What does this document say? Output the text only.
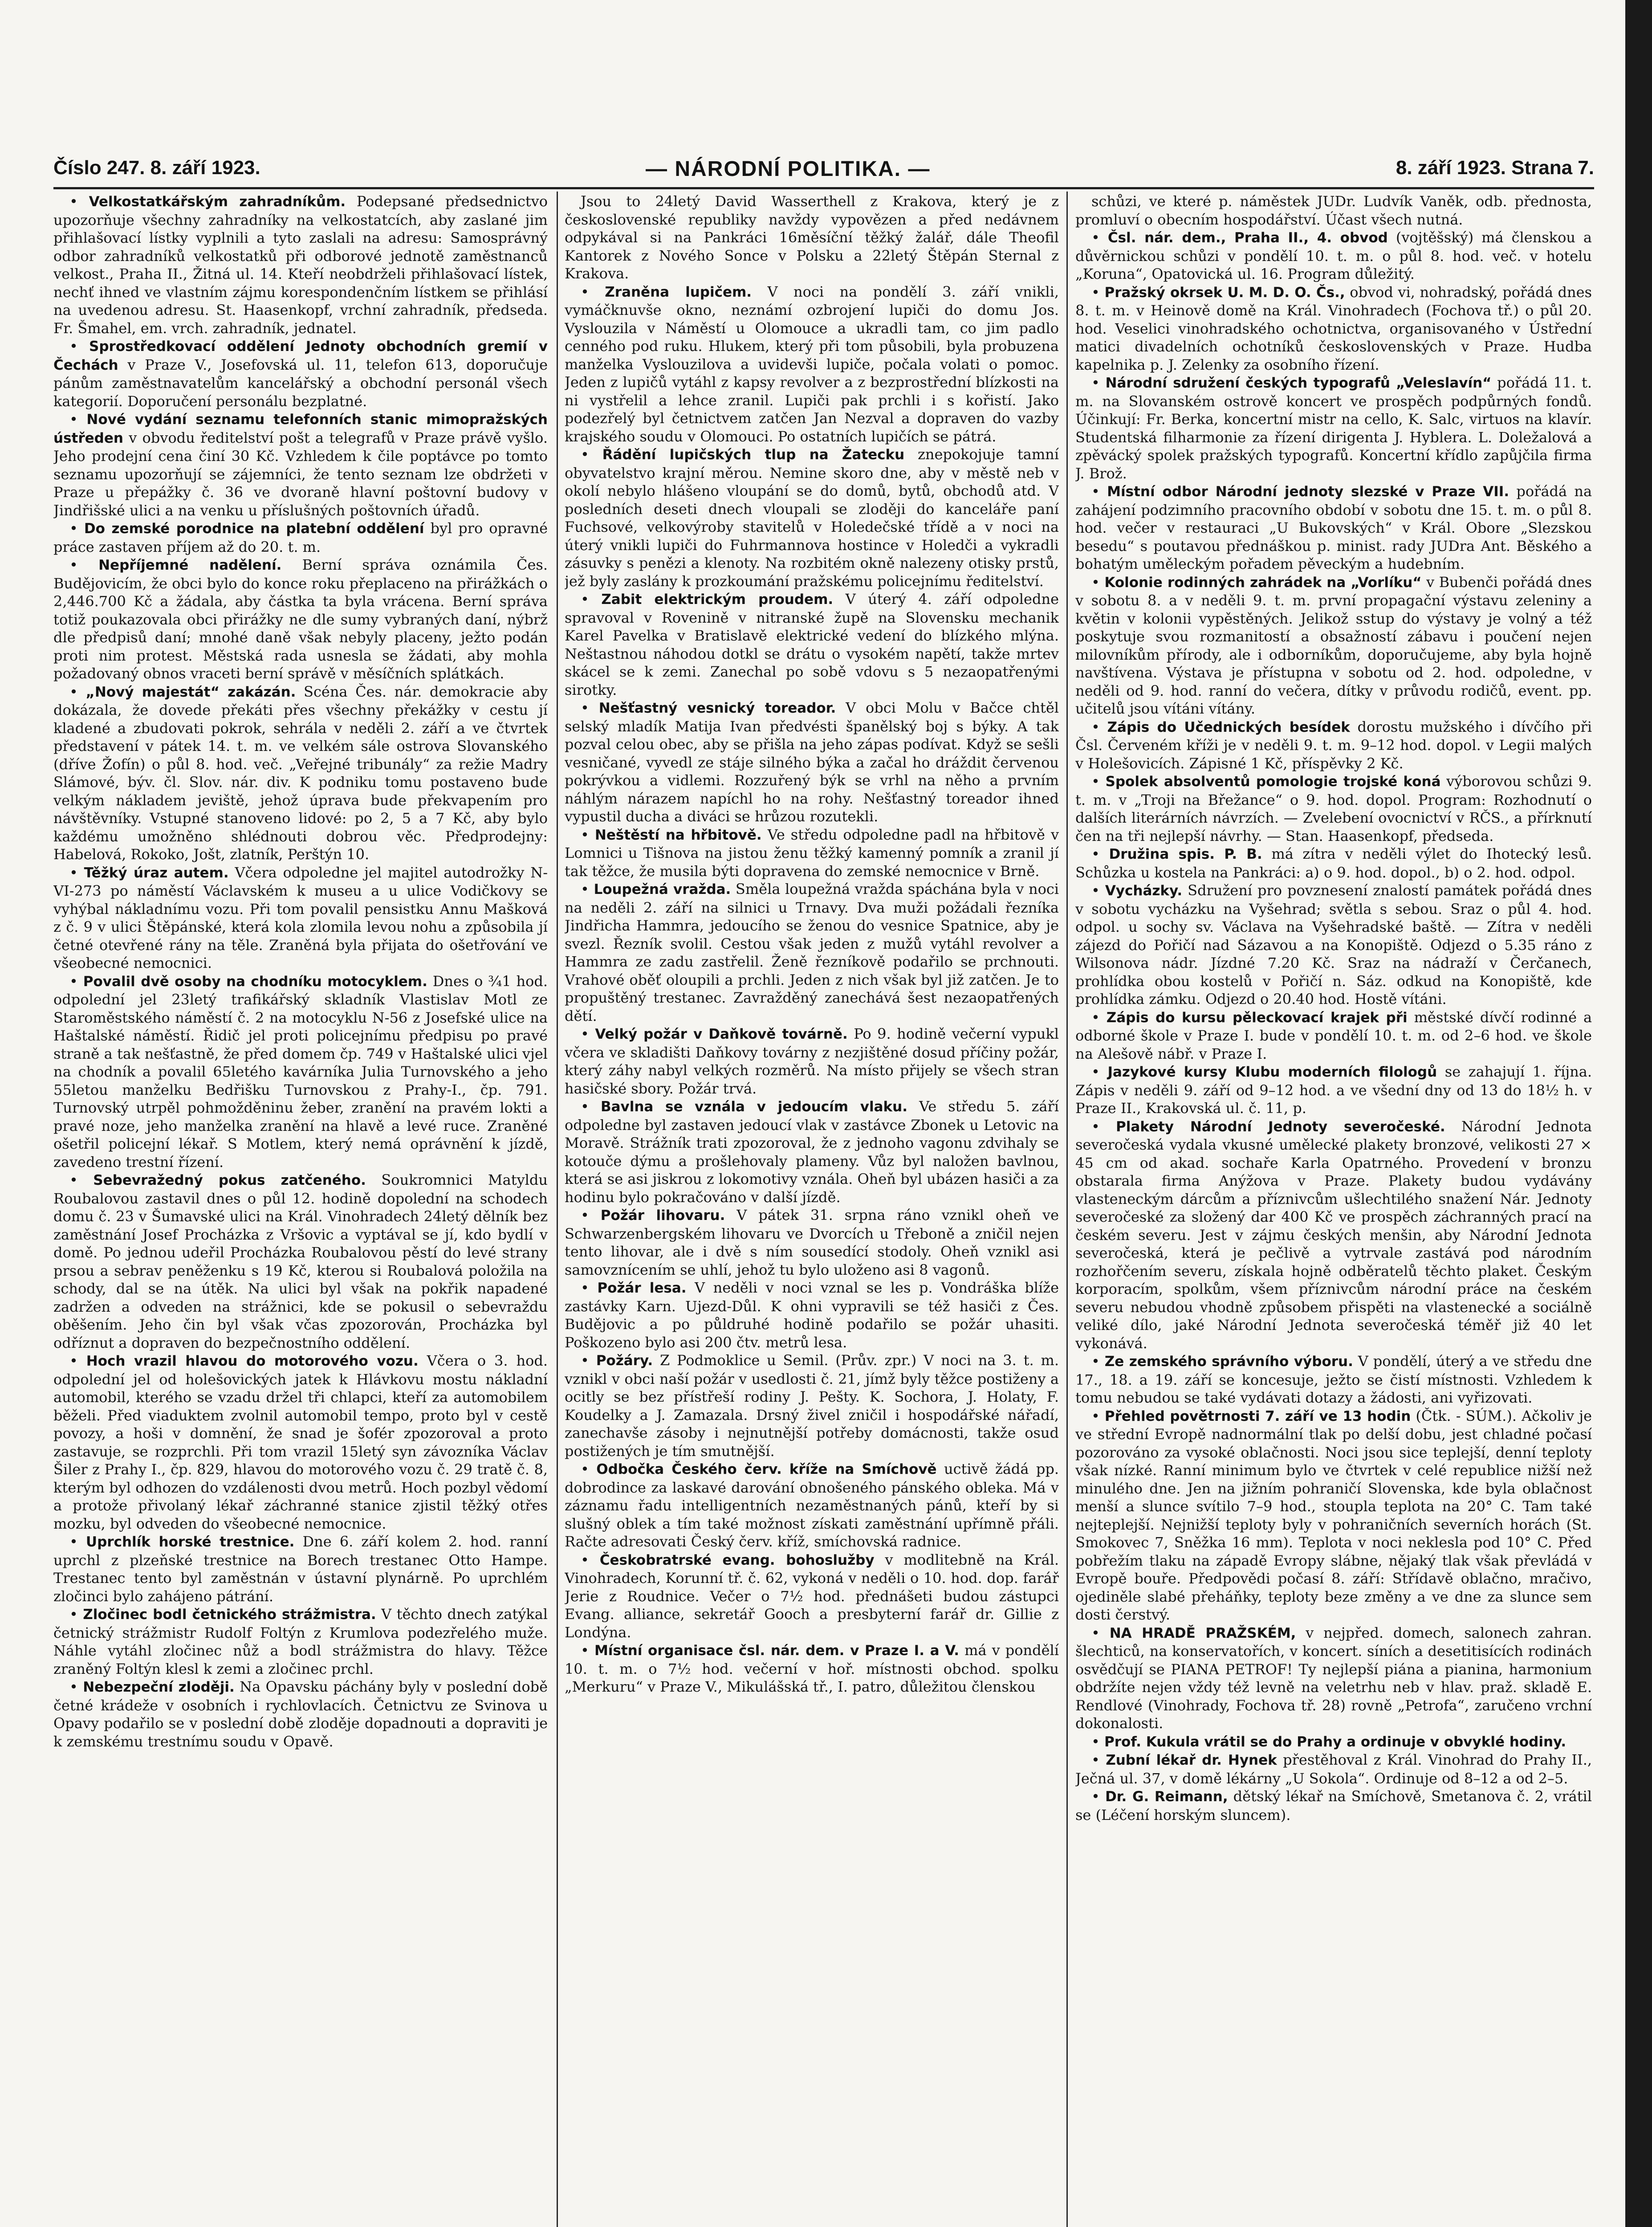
Číslo 247. 8. září 1923.	— NÁRODNÍ POLITIKA. —	8. září 1923. Strana 7.

• Velkostatkářským zahradníkům. Podepsané předsednictvo upozorňuje všechny zahradníky na velkostatcích, aby zaslané jim přihlašovací lístky vyplnili a tyto zaslali na adresu: Samosprávný odbor zahradníků velkostatků při odborové jednotě zaměstnanců velkost., Praha II., Žitná ul. 14. Kteří neobdrželi přihlašovací lístek, nechť ihned ve vlastním zájmu korespondenčním lístkem se přihlásí na uvedenou adresu. St. Haasenkopf, vrchní zahradník, předseda. Fr. Šmahel, em. vrch. zahradník, jednatel.

• Sprostředkovací oddělení Jednoty obchodních gremií v Čechách v Praze V., Josefovská ul. 11, telefon 613, doporučuje pánům zaměstnavatelům kancelářský a obchodní personál všech kategorií. Doporučení personálu bezplatné.

• Nové vydání seznamu telefonních stanic mimopražských ústředen v obvodu ředitelství pošt a telegrafů v Praze právě vyšlo. Jeho prodejní cena činí 30 Kč. Vzhledem k čile poptávce po tomto seznamu upozorňují se zájemníci, že tento seznam lze obdržeti v Praze u přepážky č. 36 ve dvoraně hlavní poštovní budovy v Jindřišské ulici a na venku u příslušných poštovních úřadů.

• Do zemské porodnice na platební oddělení byl pro opravné práce zastaven příjem až do 20. t. m.

• Nepříjemné nadělení. Berní správa oznámila Čes. Budějovicím, že obci bylo do konce roku přeplaceno na přirážkách o 2,446.700 Kč a žádala, aby částka ta byla vrácena. Berní správa totiž poukazovala obci přirážky ne dle sumy vybraných daní, nýbrž dle předpisů daní; mnohé daně však nebyly placeny, ježto podán proti nim protest. Městská rada usnesla se žádati, aby mohla požadovaný obnos vraceti berní správě v měsíčních splátkách.

• „Nový majestát“ zakázán. Scéna Čes. nár. demokracie aby dokázala, že dovede překáti přes všechny překážky v cestu jí kladené a zbudovati pokrok, sehrála v neděli 2. září a ve čtvrtek představení v pátek 14. t. m. ve velkém sále ostrova Slovanského (dříve Žofín) o půl 8. hod. več. „Veřejné tribunály“ za režie Madry Slámové, býv. čl. Slov. nár. div. K podniku tomu postaveno bude velkým nákladem jeviště, jehož úprava bude překvapením pro návštěvníky. Vstupné stanoveno lidové: po 2, 5 a 7 Kč, aby bylo každému umožněno shlédnouti dobrou věc. Předprodejny: Habelová, Rokoko, Jošt, zlatník, Perštýn 10.

• Těžký úraz autem. Včera odpoledne jel majitel autodrožky N-VI-273 po náměstí Václavském k museu a u ulice Vodičkovy se vyhýbal nákladnímu vozu. Při tom povalil pensistku Annu Mašková z č. 9 v ulici Štěpánské, která kola zlomila levou nohu a způsobila jí četné otevřené rány na těle. Zraněná byla přijata do ošetřování ve všeobecné nemocnici.

• Povalil dvě osoby na chodníku motocyklem. Dnes o ¾1 hod. odpolední jel 23letý trafikářský skladník Vlastislav Motl ze Staroměstského náměstí č. 2 na motocyklu N-56 z Josefské ulice na Haštalské náměstí. Řidič jel proti policejnímu předpisu po pravé straně a tak nešťastně, že před domem čp. 749 v Haštalské ulici vjel na chodník a povalil 65letého kavárníka Julia Turnovského a jeho 55letou manželku Bedřišku Turnovskou z Prahy-I., čp. 791. Turnovský utrpěl pohmožděninu žeber, zranění na pravém lokti a pravé noze, jeho manželka zranění na hlavě a levé ruce. Zraněné ošetřil policejní lékař. S Motlem, který nemá oprávnění k jízdě, zavedeno trestní řízení.

• Sebevražedný pokus zatčeného. Soukromnici Matyldu Roubalovou zastavil dnes o půl 12. hodině dopolední na schodech domu č. 23 v Šumavské ulici na Král. Vinohradech 24letý dělník bez zaměstnání Josef Procházka z Vršovic a vyptával se jí, kdo bydlí v domě. Po jednou udeřil Procházka Roubalovou pěstí do levé strany prsou a sebrav peněženku s 19 Kč, kterou si Roubalová položila na schody, dal se na útěk. Na ulici byl však na pokřik napadené zadržen a odveden na strážnici, kde se pokusil o sebevraždu oběšením. Jeho čin byl však včas zpozorován, Procházka byl odříznut a dopraven do bezpečnostního oddělení.

• Hoch vrazil hlavou do motorového vozu. Včera o 3. hod. odpolední jel od holešovických jatek k Hlávkovu mostu nákladní automobil, kterého se vzadu držel tři chlapci, kteří za automobilem běželi. Před viaduktem zvolnil automobil tempo, proto byl v cestě povozy, a hoši v domnění, že snad je šofér zpozoroval a proto zastavuje, se rozprchli. Při tom vrazil 15letý syn závozníka Václav Šiler z Prahy I., čp. 829, hlavou do motorového vozu č. 29 tratě č. 8, kterým byl odhozen do vzdálenosti dvou metrů. Hoch pozbyl vědomí a protože přivolaný lékař záchranné stanice zjistil těžký otřes mozku, byl odveden do všeobecné nemocnice.

• Uprchlík horské trestnice. Dne 6. září kolem 2. hod. ranní uprchl z plzeňské trestnice na Borech trestanec Otto Hampe. Trestanec tento byl zaměstnán v ústavní plynárně. Po uprchlém zločinci bylo zahájeno pátrání.

• Zločinec bodl četnického strážmistra. V těchto dnech zatýkal četnický strážmistr Rudolf Foltýn z Krumlova podezřelého muže. Náhle vytáhl zločinec nůž a bodl strážmistra do hlavy. Těžce zraněný Foltýn klesl k zemi a zločinec prchl.

• Nebezpeční zloději. Na Opavsku páchány byly v poslední době četné krádeže v osobních i rychlovlacích. Četnictvu ze Svinova u Opavy podařilo se v poslední době zloděje dopadnouti a dopraviti je k zemskému trestnímu soudu v Opavě.

Jsou to 24letý David Wasserthell z Krakova, který je z československé republiky navždy vypovězen a před nedávnem odpykával si na Pankráci 16měsíční těžký žalář, dále Theofil Kantorek z Nového Sonce v Polsku a 22letý Štěpán Sternal z Krakova.

• Zraněna lupičem. V noci na pondělí 3. září vnikli, vymáčknuvše okno, neznámí ozbrojení lupiči do domu Jos. Vyslouzila v Náměstí u Olomouce a ukradli tam, co jim padlo cenného pod ruku. Hlukem, který při tom působili, byla probuzena manželka Vyslouzilova a uvidevši lupiče, počala volati o pomoc. Jeden z lupičů vytáhl z kapsy revolver a z bezprostřední blízkosti na ni vystřelil a lehce zranil. Lupiči pak prchli i s kořistí. Jako podezřelý byl četnictvem zatčen Jan Nezval a dopraven do vazby krajského soudu v Olomouci. Po ostatních lupičích se pátrá.

• Řádění lupičských tlup na Žatecku znepokojuje tamní obyvatelstvo krajní měrou. Nemine skoro dne, aby v městě neb v okolí nebylo hlášeno vloupání se do domů, bytů, obchodů atd. V posledních deseti dnech vloupali se zloději do kanceláře paní Fuchsové, velkovýroby stavitelů v Holedečské třídě a v noci na úterý vnikli lupiči do Fuhrmannova hostince v Holedči a vykradli zásuvky s penězi a klenoty. Na rozbitém okně nalezeny otisky prstů, jež byly zaslány k prozkoumání pražskému policejnímu ředitelství.

• Zabit elektrickým proudem. V úterý 4. září odpoledne spravoval v Rovenině v nitranské župě na Slovensku mechanik Karel Pavelka v Bratislavě elektrické vedení do blízkého mlýna. Neštastnou náhodou dotkl se drátu o vysokém napětí, takže mrtev skácel se k zemi. Zanechal po sobě vdovu s 5 nezaopatřenými sirotky.

• Nešťastný vesnický toreador. V obci Molu v Bačce chtěl selský mladík Matija Ivan předvésti španělský boj s býky. A tak pozval celou obec, aby se přišla na jeho zápas podívat. Když se sešli vesničané, vyvedl ze stáje silného býka a začal ho dráždit červenou pokrývkou a vidlemi. Rozzuřený býk se vrhl na něho a prvním náhlým nárazem napíchl ho na rohy. Nešťastný toreador ihned vypustil ducha a diváci se hrůzou rozutekli.

• Neštěstí na hřbitově. Ve středu odpoledne padl na hřbitově v Lomnici u Tišnova na jistou ženu těžký kamenný pomník a zranil jí tak těžce, že musila býti dopravena do zemské nemocnice v Brně.

• Loupežná vražda. Směla loupežná vražda spáchána byla v noci na neděli 2. září na silnici u Trnavy. Dva muži požádali řezníka Jindřicha Hammra, jedoucího se ženou do vesnice Spatnice, aby je svezl. Řezník svolil. Cestou však jeden z mužů vytáhl revolver a Hammra ze zadu zastřelil. Ženě řezníkově podařilo se prchnouti. Vrahové oběť oloupili a prchli. Jeden z nich však byl již zatčen. Je to propuštěný trestanec. Zavražděný zanechává šest nezaopatřených dětí.

• Velký požár v Daňkově továrně. Po 9. hodině večerní vypukl včera ve skladišti Daňkovy továrny z nezjištěné dosud příčiny požár, který záhy nabyl velkých rozměrů. Na místo přijely se všech stran hasičské sbory. Požár trvá.

• Bavlna se vznála v jedoucím vlaku. Ve středu 5. září odpoledne byl zastaven jedoucí vlak v zastávce Zbonek u Letovic na Moravě. Strážník trati zpozoroval, že z jednoho vagonu zdvihaly se kotouče dýmu a prošlehovaly plameny. Vůz byl naložen bavlnou, která se asi jiskrou z lokomotivy vznála. Oheň byl ubázen hasiči a za hodinu bylo pokračováno v další jízdě.

• Požár lihovaru. V pátek 31. srpna ráno vznikl oheň ve Schwarzenbergském lihovaru ve Dvorcích u Třeboně a zničil nejen tento lihovar, ale i dvě s ním sousedící stodoly. Oheň vznikl asi samovznícením se uhlí, jehož tu bylo uloženo asi 8 vagonů.

• Požár lesa. V neděli v noci vznal se les p. Vondráška blíže zastávky Karn. Ujezd-Důl. K ohni vypravili se též hasiči z Čes. Budějovic a po půldruhé hodině podařilo se požár uhasiti. Poškozeno bylo asi 200 čtv. metrů lesa.

• Požáry. Z Podmoklice u Semil. (Prův. zpr.) V noci na 3. t. m. vznikl v obci naší požár v usedlosti č. 21, jímž byly těžce postiženy a ocitly se bez přístřeší rodiny J. Pešty. K. Sochora, J. Holaty, F. Koudelky a J. Zamazala. Drsný živel zničil i hospodářské nářadí, zanechavše zásoby i nejnutnější potřeby domácnosti, takže osud postižených je tím smutnější.

• Odbočka Českého červ. kříže na Smíchově uctivě žádá pp. dobrodince za laskavé darování obnošeného pánského oblekа. Má v záznamu řadu intelligentních nezaměstnaných pánů, kteří by si slušný oblek a tím také možnost získati zaměstnání upřímně přáli. Račte adresovati Český červ. kříž, smíchovská radnice.

• Českobratrské evang. bohoslužby v modlitebně na Král. Vinohradech, Korunní tř. č. 62, vykoná v neděli o 10. hod. dop. farář Jerie z Roudnice. Večer o 7½ hod. přednášeti budou zástupci Evang. alliance, sekretář Gooch a presbyterní farář dr. Gillie z Londýna.

• Místní organisace čsl. nár. dem. v Praze I. a V. má v pondělí 10. t. m. o 7½ hod. večerní v hoř. místnosti obchod. spolku „Merkuru“ v Praze V., Mikulášská tř., I. patro, důležitou členskou

schůzi, ve které p. náměstek JUDr. Ludvík Vaněk, odb. přednosta, promluví o obecním hospodářství. Účast všech nutná.

• Čsl. nár. dem., Praha II., 4. obvod (vojtěšský) má členskou a důvěrnickou schůzi v pondělí 10. t. m. o půl 8. hod. več. v hotelu „Koruna“, Opatovická ul. 16. Program důležitý.

• Pražský okrsek U. M. D. O. Čs., obvod vi, nohradský, pořádá dnes 8. t. m. v Heinově domě na Král. Vinohradech (Fochova tř.) o půl 20. hod. Veselici vinohradského ochotnictva, organisovaného v Ústřední matici divadelních ochotníků československých v Praze. Hudba kapelnika p. J. Zelenky za osobního řízení.

• Národní sdružení českých typografů „Veleslavín“ pořádá 11. t. m. na Slovanském ostrově koncert ve prospěch podpůrných fondů. Účinkují: Fr. Berka, koncertní mistr na cello, K. Salc, virtuos na klavír. Studentská filharmonie za řízení dirigenta J. Hyblera. L. Doležalová a zpěvácký spolek pražských typografů. Koncertní křídlo zapůjčila firma J. Brož.

• Místní odbor Národní jednoty slezské v Praze VII. pořádá na zahájení podzimního pracovního období v sobotu dne 15. t. m. o půl 8. hod. večer v restauraci „U Bukovských“ v Král. Obore „Slezskou besedu“ s poutavou přednáškou p. minist. rady JUDra Ant. Běského a bohatým uměleckým pořadem pěveckým a hudebním.

• Kolonie rodinných zahrádek na „Vorlíku“ v Bubenči pořádá dnes v sobotu 8. a v neděli 9. t. m. první propagační výstavu zeleniny a květin v koloniі vypěstěných. Jelikož sstup do výstavy je volný a též poskytuje svou rozmanitostí a obsažností zábavu i poučení nejen milovníkům přírody, ale i odborníkům, doporučujeme, aby byla hojně navštívena. Výstava je přístupna v sobotu od 2. hod. odpoledne, v neděli od 9. hod. ranní do večera, dítky v průvodu rodičů, event. pp. učitelů jsou vítáni vítány.

• Zápis do Učednických besídek dorostu mužského i dívčího při Čsl. Červeném kříži je v neděli 9. t. m. 9–12 hod. dopol. v Legii malých v Holešovicích. Zápisné 1 Kč, příspěvky 2 Kč.

• Spolek absolventů pomologie trojské koná výborovou schůzi 9. t. m. v „Troji na Břežance“ o 9. hod. dopol. Program: Rozhodnutí o dalších literárních návrzích. — Zvelebení ovocnictví v RČS., a přírknutí čen na tři nejlepší návrhy. — Stan. Haasenkopf, předseda.

• Družina spis. P. B. má zítra v neděli výlet do Ihotecký lesů. Schůzka u kostela na Pankráci: a) o 9. hod. dopol., b) o 2. hod. odpol.

• Vycházky. Sdružení pro povznesení znalostí památek pořádá dnes v sobotu vycházku na Vyšehrad; světla s sebou. Sraz o půl 4. hod. odpol. u sochy sv. Václava na Vyšehradské baště. — Zítra v neděli zájezd do Pořičí nad Sázavou a na Konopiště. Odjezd o 5.35 ráno z Wilsonova nádr. Jízdné 7.20 Kč. Sraz na nádraží v Čerčanech, prohlídka obou kostelů v Pořičí n. Sáz. odkud na Konopiště, kde prohlídka zámku. Odjezd o 20.40 hod. Hostě vítáni.

• Zápis do kursu pěleckovací krajek při městské dívčí rodinné a odborné škole v Praze I. bude v pondělí 10. t. m. od 2–6 hod. ve škole na Alešově nábř. v Praze I.

• Jazykové kursy Klubu moderních filologů se zahajují 1. října. Zápis v neděli 9. září od 9–12 hod. a ve všední dny od 13 do 18½ h. v Praze II., Krakovská ul. č. 11, p.

• Plakety Národní Jednoty severočeské. Národní Jednota severočeská vydala vkusné umělecké plakety bronzové, velikosti 27 × 45 cm od akad. sochaře Karla Opatrného. Provedení v bronzu obstarala firma Anýžova v Praze. Plakety budou vydávány vlasteneckým dárcům a příznivcům ušlechtilého snažení Nár. Jednoty severočeské za složený dar 400 Kč ve prospěch záchranných prací na českém severu. Jest v zájmu českých menšin, aby Národní Jednota severočeská, která je pečlivě a vytrvale zastává pod národním rozhořčením severu, získala hojně odběratelů těchto plaket. Českým korporacím, spolkům, všem příznivcům národní práce na českém severu nebudou vhodně způsobem přispěti na vlastenecké a sociálně veliké dílo, jaké Národní Jednota severočeská téměř již 40 let vykonává.

• Ze zemského správního výboru. V pondělí, úterý a ve středu dne 17., 18. a 19. září se koncesuje, ježto se čistí místnosti. Vzhledem k tomu nebudou se také vydávati dotazy a žádosti, ani vyřizovati.

• Přehled povětrnosti 7. září ve 13 hodin (Čtk. - SÚM.). Ačkoliv je ve střední Evropě nadnormální tlak po delší dobu, jest chladné počasí pozorováno za vysoké oblačnosti. Noci jsou sice teplejší, denní teploty však nízké. Ranní minimum bylo ve čtvrtek v celé republice nižší než minulého dne. Jen na jižním pohraničí Slovenska, kde byla oblačnost menší a slunce svítilo 7–9 hod., stoupla teplota na 20° C. Tam také nejteplejší. Nejnižší teploty byly v pohraničních severních horách (St. Smokovec 7, Sněžka 16 mm). Teplota v noci neklesla pod 10° C. Před pobřežím tlaku na západě Evropy slábne, nějaký tlak však převládá v Evropě bouře. Předpovědi počasí 8. září: Střídavě oblačno, mračivo, ojediněle slabé přeháňky, teploty beze změny a ve dne za slunce sem dosti čerstvý.

• NA HRADĚ PRAŽSKÉM, v nejpřed. domech, salonech zahran. šlechticů, na konservatořích, v koncert. síních a desetitisících rodinách osvědčují se PIANA PETROF! Ty nejlepší piána a pianina, harmonium obdržíte nejen vždy též levně na veletrhu neb v hlav. praž. skladě E. Rendlové (Vinohrady, Fochova tř. 28) rovně „Petrofa“, zaručeno vrchní dokonalosti.

• Prof. Kukula vrátil se do Prahy a ordinuje v obvyklé hodiny.

• Zubní lékař dr. Hynek přestěhoval z Král. Vinohrad do Prahy II., Ječná ul. 37, v domě lékárny „U Sokola“. Ordinuje od 8–12 a od 2–5.

• Dr. G. Reimann, dětský lékař na Smíchově, Smetanova č. 2, vrátil se (Léčení horským sluncem).
